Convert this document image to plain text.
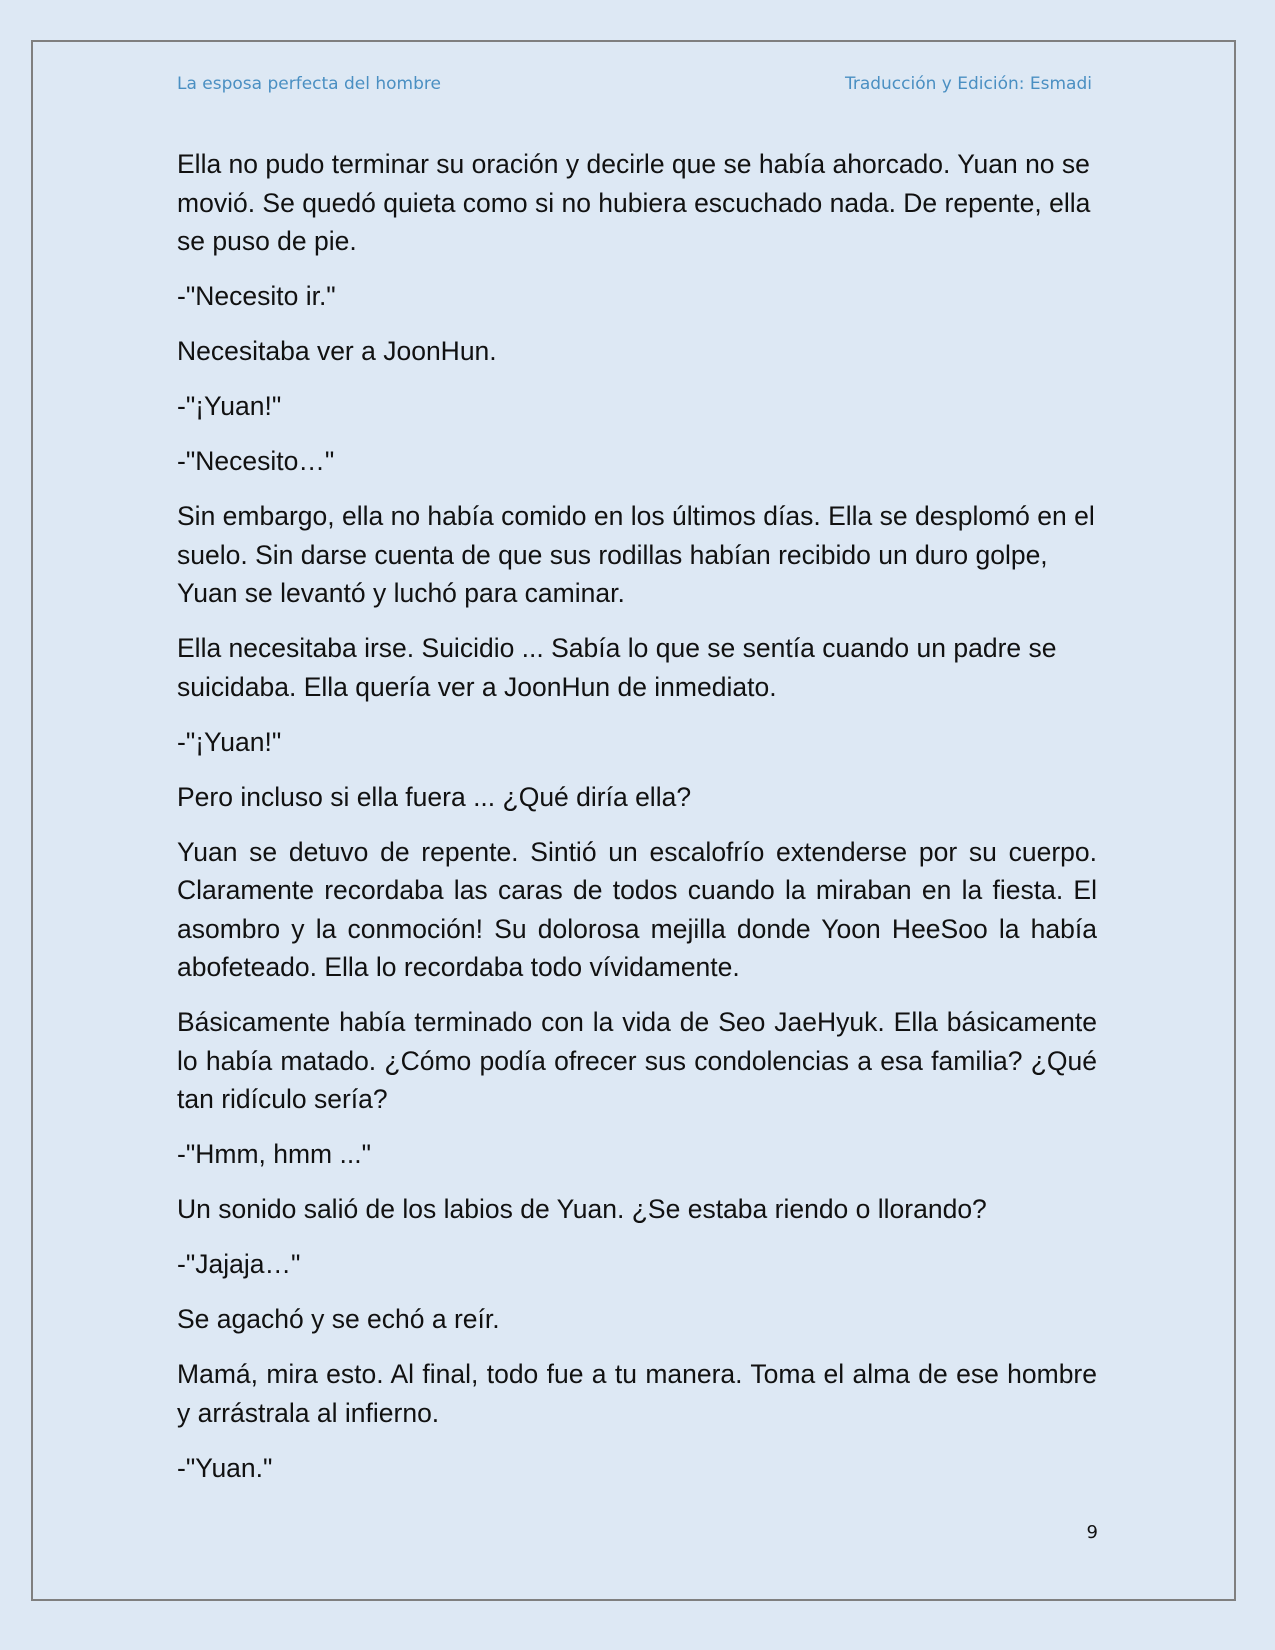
La esposa perfecta del hombre	Traducción y Edición: Esmadi

Ella no pudo terminar su oración y decirle que se había ahorcado. Yuan no se movió. Se quedó quieta como si no hubiera escuchado nada. De repente, ella se puso de pie.

-"Necesito ir."

Necesitaba ver a JoonHun.

-"¡Yuan!"

-"Necesito…"

Sin embargo, ella no había comido en los últimos días. Ella se desplomó en el suelo. Sin darse cuenta de que sus rodillas habían recibido un duro golpe, Yuan se levantó y luchó para caminar.

Ella necesitaba irse. Suicidio ... Sabía lo que se sentía cuando un padre se suicidaba. Ella quería ver a JoonHun de inmediato.

-"¡Yuan!"

Pero incluso si ella fuera ... ¿Qué diría ella?

Yuan se detuvo de repente. Sintió un escalofrío extenderse por su cuerpo. Claramente recordaba las caras de todos cuando la miraban en la fiesta. El asombro y la conmoción! Su dolorosa mejilla donde Yoon HeeSoo la había abofeteado. Ella lo recordaba todo vívidamente.

Básicamente había terminado con la vida de Seo JaeHyuk. Ella básicamente lo había matado. ¿Cómo podía ofrecer sus condolencias a esa familia? ¿Qué tan ridículo sería?

-"Hmm, hmm ..."

Un sonido salió de los labios de Yuan. ¿Se estaba riendo o llorando?

-"Jajaja…"

Se agachó y se echó a reír.

Mamá, mira esto. Al final, todo fue a tu manera. Toma el alma de ese hombre y arrástrala al infierno.

-"Yuan."

9
